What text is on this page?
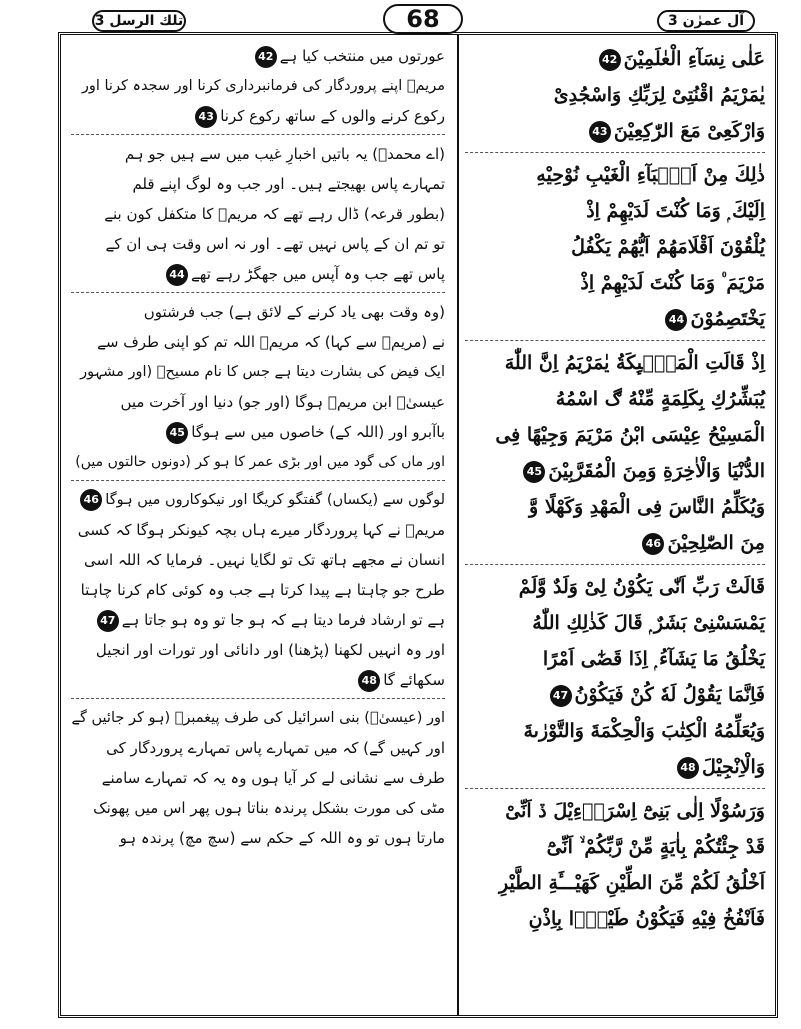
تلك الرسل 3	68	آل عمرٰن 3
عورتوں میں منتخب کیا ہے42
مریمؑ اپنے پروردگار کی فرمانبرداری کرنا اور سجدہ کرنا اور
رکوع کرنے والوں کے ساتھ رکوع کرنا43
(اے محمدؐ) یہ باتیں اخبارِ غیب میں سے ہیں جو ہم
تمہارے پاس بھیجتے ہیں۔ اور جب وہ لوگ اپنے قلم
(بطور قرعہ) ڈال رہے تھے کہ مریمؑ کا متکفل کون بنے
تو تم ان کے پاس نہیں تھے۔ اور نہ اس وقت ہی ان کے
پاس تھے جب وہ آپس میں جھگڑ رہے تھے44
(وہ وقت بھی یاد کرنے کے لائق ہے) جب فرشتوں
نے (مریمؑ سے کہا) کہ مریمؑ اللہ تم کو اپنی طرف سے
ایک فیض کی بشارت دیتا ہے جس کا نام مسیحؑ (اور مشہور
عیسیٰؑ ابن مریمؑ ہوگا (اور جو) دنیا اور آخرت میں
باآبرو اور (اللہ کے) خاصوں میں سے ہوگا45
اور ماں کی گود میں اور بڑی عمر کا ہو کر (دونوں حالتوں میں)
لوگوں سے (یکساں) گفتگو کریگا اور نیکوکاروں میں ہوگا46
مریمؑ نے کہا پروردگار میرے ہاں بچہ کیونکر ہوگا کہ کسی
انسان نے مجھے ہاتھ تک تو لگایا نہیں۔ فرمایا کہ اللہ اسی
طرح جو چاہتا ہے پیدا کرتا ہے جب وہ کوئی کام کرنا چاہتا
ہے تو ارشاد فرما دیتا ہے کہ ہو جا تو وہ ہو جاتا ہے47
اور وہ انہیں لکھنا (پڑھنا) اور دانائی اور تورات اور انجیل
سکھائے گا48
اور (عیسیٰؑ) بنی اسرائیل کی طرف پیغمبرؑ (ہو کر جائیں گے
اور کہیں گے) کہ میں تمہارے پاس تمہارے پروردگار کی
طرف سے نشانی لے کر آیا ہوں وہ یہ کہ تمہارے سامنے
مٹی کی مورت بشکل پرندہ بناتا ہوں پھر اس میں پھونک
مارتا ہوں تو وہ اللہ کے حکم سے (سچ مچ) پرندہ ہو
عَلٰى نِسَآءِ الْعٰلَمِيْنَ42
يٰمَرْيَمُ اقْنُتِىْ لِرَبِّكِ وَاسْجُدِىْ
وَارْكَعِىْ مَعَ الرّٰكِعِيْنَ43
ذٰلِكَ مِنْ اَنْۢبَآءِ الْغَيْبِ نُوْحِيْهِ
اِلَيْكَ ۭ وَمَا كُنْتَ لَدَيْهِمْ اِذْ
يُلْقُوْنَ اَقْلَامَهُمْ اَيُّهُمْ يَكْفُلُ
مَرْيَمَ ۠ وَمَا كُنْتَ لَدَيْهِمْ اِذْ
يَخْتَصِمُوْنَ44
اِذْ قَالَتِ الْمَلٰۗىِٕكَةُ يٰمَرْيَمُ اِنَّ اللّٰهَ
يُبَشِّرُكِ بِكَلِمَةٍ مِّنْهُ ڰ اسْمُهُ
الْمَسِيْحُ عِيْسَى ابْنُ مَرْيَمَ وَجِيْهًا فِى
الدُّنْيَا وَالْاٰخِرَةِ وَمِنَ الْمُقَرَّبِيْنَ45
وَيُكَلِّمُ النَّاسَ فِى الْمَهْدِ وَكَهْلًا وَّ
مِنَ الصّٰلِحِيْنَ46
قَالَتْ رَبِّ اَنّٰى يَكُوْنُ لِىْ وَلَدٌ وَّلَمْ
يَمْسَسْنِىْ بَشَرٌ ۭ قَالَ كَذٰلِكِ اللّٰهُ
يَخْلُقُ مَا يَشَآءُ ۭ اِذَا قَضٰٓى اَمْرًا
فَاِنَّمَا يَقُوْلُ لَهٗ كُنْ فَيَكُوْنُ47
وَيُعَلِّمُهُ الْكِتٰبَ وَالْحِكْمَةَ وَالتَّوْرٰىةَ
وَالْاِنْجِيْلَ48
وَرَسُوْلًا اِلٰى بَنِىْٓ اِسْرَاۗءِيْلَ ڏ اَنِّىْ
قَدْ جِئْتُكُمْ بِاٰيَةٍ مِّنْ رَّبِّكُمْ ۙ اَنِّىْٓ
اَخْلُقُ لَكُمْ مِّنَ الطِّيْنِ كَهَيْـــَٔةِ الطَّيْرِ
فَاَنْفُخُ فِيْهِ فَيَكُوْنُ طَيْرًۢا بِاِذْنِ
